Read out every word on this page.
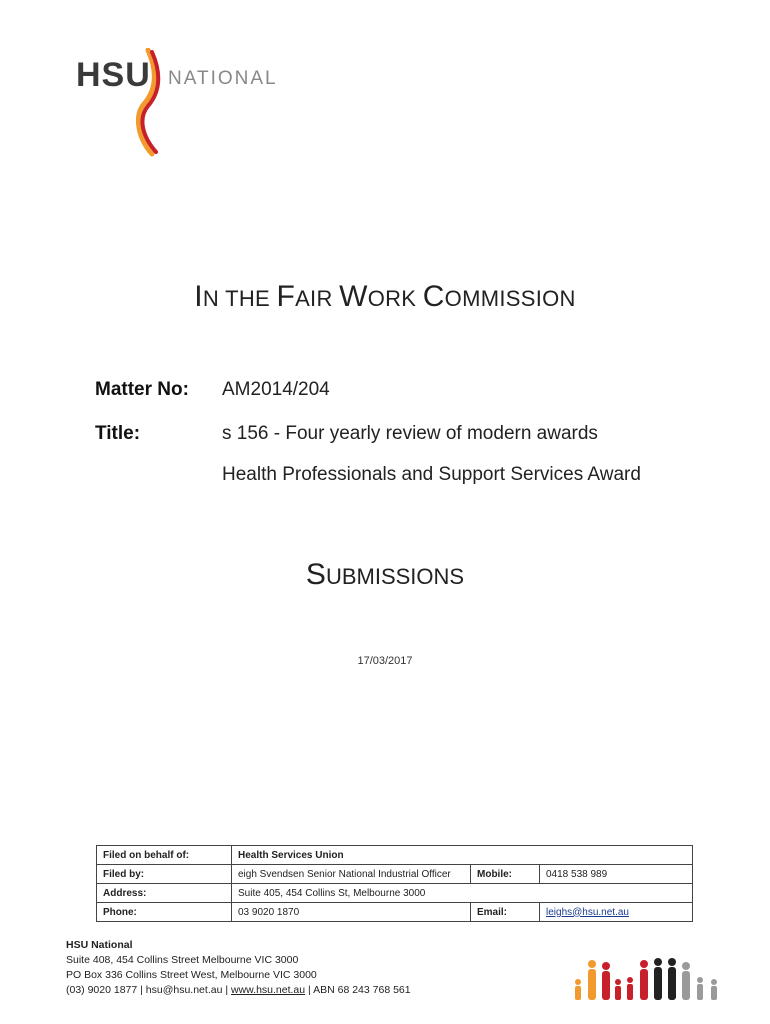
HSU NATIONAL
IN THE FAIR WORK COMMISSION
Matter No: AM2014/204
Title:	s 156 - Four yearly review of modern awards
Health Professionals and Support Services Award
SUBMISSIONS
17/03/2017
Filed on behalf of:	Health Services Union		
Filed by:	eigh Svendsen Senior National Industrial Officer	Mobile:	0418 538 989
Address:	Suite 405, 454 Collins St, Melbourne 3000		
Phone:	03 9020 1870	Email:	leighs@hsu.net.au
HSU National
Suite 408, 454 Collins Street Melbourne VIC 3000
PO Box 336 Collins Street West, Melbourne VIC 3000
(03) 9020 1877 | hsu@hsu.net.au | www.hsu.net.au | ABN 68 243 768 561
